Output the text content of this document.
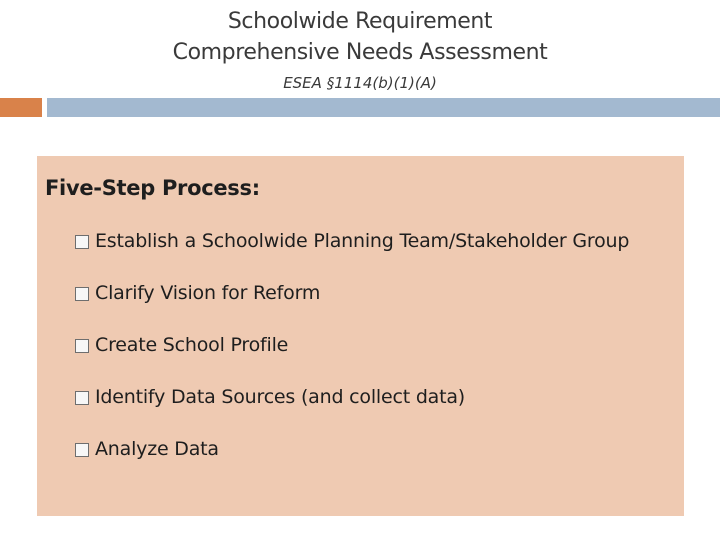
Schoolwide Requirement
Comprehensive Needs Assessment
ESEA §1114(b)(1)(A)
Five-Step Process:
Establish a Schoolwide Planning Team/Stakeholder Group
Clarify Vision for Reform
Create School Profile
Identify Data Sources (and collect data)
Analyze Data
